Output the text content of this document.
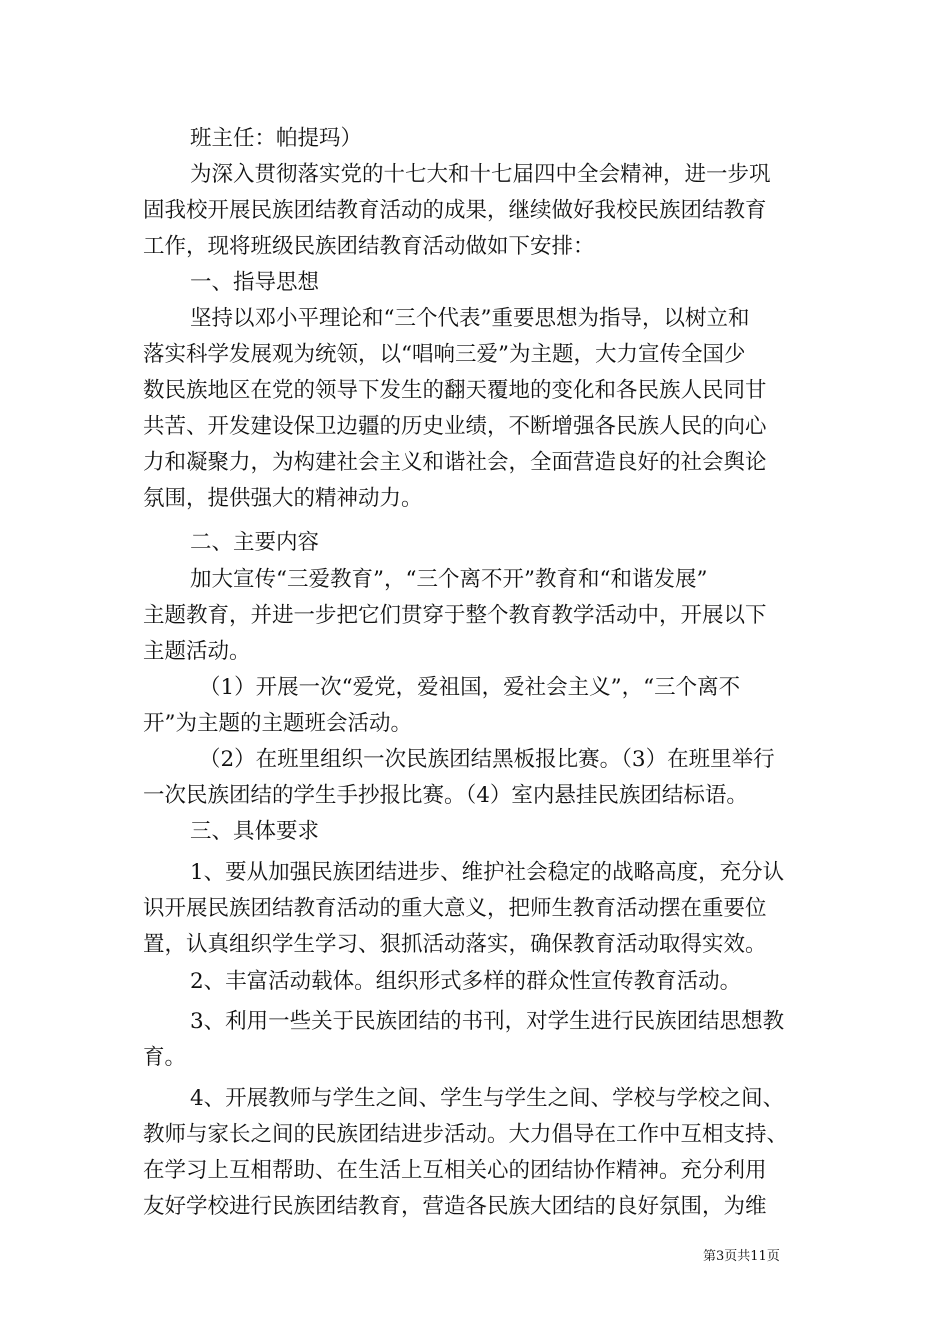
班主任：帕提玛）
为深入贯彻落实党的十七大和十七届四中全会精神，进一步巩
固我校开展民族团结教育活动的成果，继续做好我校民族团结教育
工作，现将班级民族团结教育活动做如下安排：
一、指导思想
坚持以邓小平理论和“三个代表”重要思想为指导，以树立和
落实科学发展观为统领，以“唱响三爱”为主题，大力宣传全国少
数民族地区在党的领导下发生的翻天覆地的变化和各民族人民同甘
共苦、开发建设保卫边疆的历史业绩，不断增强各民族人民的向心
力和凝聚力，为构建社会主义和谐社会，全面营造良好的社会舆论
氛围，提供强大的精神动力。
二、主要内容
加大宣传“三爱教育”，“三个离不开”教育和“和谐发展”
主题教育，并进一步把它们贯穿于整个教育教学活动中，开展以下
主题活动。
（1）开展一次“爱党，爱祖国，爱社会主义”，“三个离不
开”为主题的主题班会活动。
（2）在班里组织一次民族团结黑板报比赛。（3）在班里举行
一次民族团结的学生手抄报比赛。（4）室内悬挂民族团结标语。
三、具体要求
1、要从加强民族团结进步、维护社会稳定的战略高度，充分认
识开展民族团结教育活动的重大意义，把师生教育活动摆在重要位
置，认真组织学生学习、狠抓活动落实，确保教育活动取得实效。
2、丰富活动载体。组织形式多样的群众性宣传教育活动。
3、利用一些关于民族团结的书刊，对学生进行民族团结思想教
育。
4、开展教师与学生之间、学生与学生之间、学校与学校之间、
教师与家长之间的民族团结进步活动。大力倡导在工作中互相支持、
在学习上互相帮助、在生活上互相关心的团结协作精神。充分利用
友好学校进行民族团结教育，营造各民族大团结的良好氛围，为维
第3页共11页
